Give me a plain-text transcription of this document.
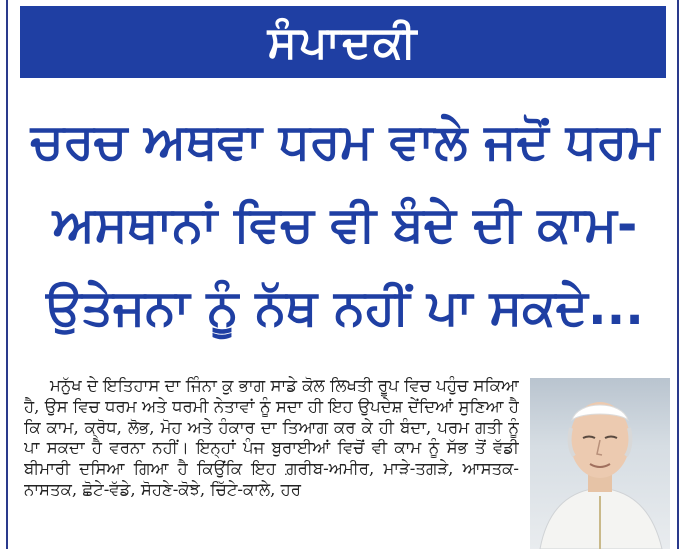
ਸੰਪਾਦਕੀ
ਚਰਚ ਅਥਵਾ ਧਰਮ ਵਾਲੇ ਜਦੋਂ ਧਰਮ
ਅਸਥਾਨਾਂ ਵਿਚ ਵੀ ਬੰਦੇ ਦੀ ਕਾਮ-
ਉਤੇਜਨਾ ਨੂੰ ਨੱਥ ਨਹੀਂ ਪਾ ਸਕਦੇ...

ਮਨੁੱਖ ਦੇ ਇਤਿਹਾਸ ਦਾ ਜਿੰਨਾ ਕੁ ਭਾਗ ਸਾਡੇ ਕੋਲ ਲਿਖਤੀ ਰੂਪ ਵਿਚ ਪਹੁੰਚ ਸਕਿਆ ਹੈ, ਉਸ ਵਿਚ ਧਰਮ ਅਤੇ ਧਰਮੀ ਨੇਤਾਵਾਂ ਨੂੰ ਸਦਾ ਹੀ ਇਹ ਉਪਦੇਸ਼ ਦੇਂਦਿਆਂ ਸੁਣਿਆ ਹੈ ਕਿ ਕਾਮ, ਕ੍ਰੋਧ, ਲੋਭ, ਮੋਹ ਅਤੇ ਹੰਕਾਰ ਦਾ ਤਿਆਗ ਕਰ ਕੇ ਹੀ ਬੰਦਾ, ਪਰਮ ਗਤੀ ਨੂੰ ਪਾ ਸਕਦਾ ਹੈ ਵਰਨਾ ਨਹੀਂ। ਇਨ੍ਹਾਂ ਪੰਜ ਬੁਰਾਈਆਂ ਵਿਚੋਂ ਵੀ ਕਾਮ ਨੂੰ ਸੱਭ ਤੋਂ ਵੱਡੀ ਬੀਮਾਰੀ ਦਸਿਆ ਗਿਆ ਹੈ ਕਿਉਂਕਿ ਇਹ ਗ਼ਰੀਬ-ਅਮੀਰ, ਮਾੜੇ-ਤਗੜੇ, ਆਸਤਕ-ਨਾਸਤਕ, ਛੋਟੇ-ਵੱਡੇ, ਸੋਹਣੇ-ਕੋਝੇ, ਚਿੱਟੇ-ਕਾਲੇ, ਹਰ
